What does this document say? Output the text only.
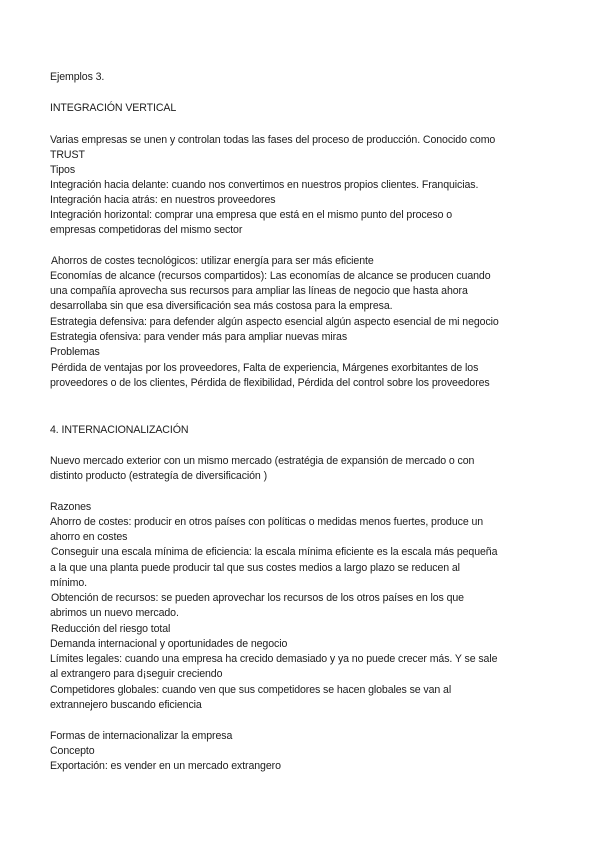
Ejemplos 3.
INTEGRACIÓN VERTICAL
Varias empresas se unen y controlan todas las fases del proceso de producción. Conocido como
TRUST
Tipos
Integración hacia delante: cuando nos convertimos en nuestros propios clientes. Franquicias.
Integración hacia atrás: en nuestros proveedores
Integración horizontal: comprar una empresa que está en el mismo punto del proceso o
empresas competidoras del mismo sector
Ahorros de costes tecnológicos: utilizar energía para ser más eficiente
Economías de alcance (recursos compartidos): Las economías de alcance se producen cuando
una compañía aprovecha sus recursos para ampliar las líneas de negocio que hasta ahora
desarrollaba sin que esa diversificación sea más costosa para la empresa.
Estrategia defensiva: para defender algún aspecto esencial algún aspecto esencial de mi negocio
Estrategia ofensiva: para vender más para ampliar nuevas miras
Problemas
Pérdida de ventajas por los proveedores, Falta de experiencia, Márgenes exorbitantes de los
proveedores o de los clientes, Pérdida de flexibilidad, Pérdida del control sobre los proveedores
4. INTERNACIONALIZACIÓN
Nuevo mercado exterior con un mismo mercado (estratégia de expansión de mercado o con
distinto producto (estrategía de diversificación )
Razones
Ahorro de costes: producir en otros países con políticas o medidas menos fuertes, produce un
ahorro en costes
Conseguir una escala mínima de eficiencia: la escala mínima eficiente es la escala más pequeña
a la que una planta puede producir tal que sus costes medios a largo plazo se reducen al
mínimo.
Obtención de recursos: se pueden aprovechar los recursos de los otros países en los que
abrimos un nuevo mercado.
Reducción del riesgo total
Demanda internacional y oportunidades de negocio
Límites legales: cuando una empresa ha crecido demasiado y ya no puede crecer más. Y se sale
al extrangero para d¡seguir creciendo
Competidores globales: cuando ven que sus competidores se hacen globales se van al
extrannejero buscando eficiencia
Formas de internacionalizar la empresa
Concepto
Exportación: es vender en un mercado extrangero
